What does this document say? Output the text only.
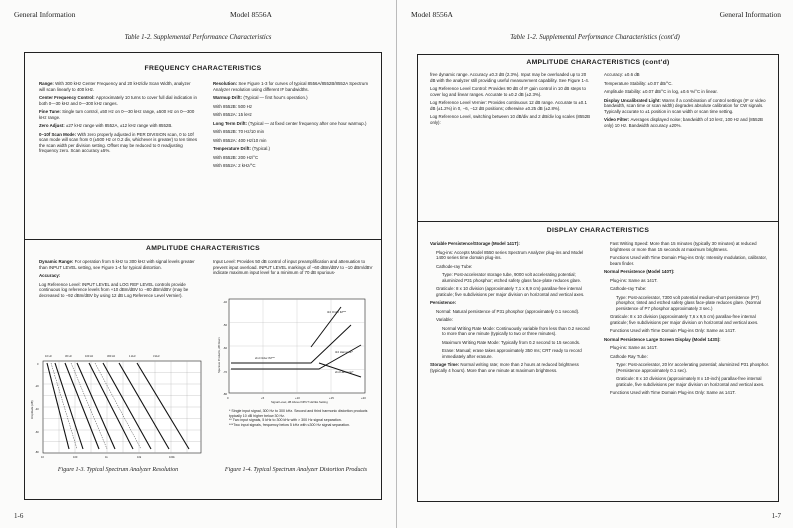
General Information	Model 8556A
Table 1-2. Supplemental Performance Characteristics
FREQUENCY CHARACTERISTICS
Range: With 300 kHz Center Frequency and 20 kHz/div Scan Width, analyzer will scan linearly to 400 kHz.
Center Frequency Control: Approximately 10 turns to cover full dial indication in both 0—30 kHz and 0—300 kHz ranges.
Fine Tune: Single turn control, ±50 Hz on 0—30 kHz range, ±500 Hz on 0—300 kHz range.
Zero Adjust: ±27 kHz range with 8552A, ±12 kHz range with 8552B.
0–10f Scan Mode: With zero properly adjusted in PER DIVISION scan, 0 to 10f scan mode will scan from 0 (±500 Hz or 0.2 div, whichever is greater) to ten times the scan width per division setting. Offset may be reduced to 0 readjusting frequency zero. Scan accuracy ±5%.
Resolution: See Figure 1-3 for curves of typical 8556A/8552B/8552A Spectrum Analyzer resolution using different IF bandwidths.
Warmup Drift: (Typical — first hour's operation.)
With 8552B: 500 Hz
With 8552A: 15 kHz
Long Term Drift: (Typical — at fixed center frequency after one hour warmup.)
With 8552B: 70 Hz/10 min
With 8552A: 400 Hz/10 min
Temperature Drift: (Typical.)
With 8552B: 200 Hz/°C
With 8552A: 2 kHz/°C
AMPLITUDE CHARACTERISTICS
Dynamic Range: For operation from 5 kHz to 300 kHz with signal levels greater than INPUT LEVEL setting, see Figure 1-4 for typical distortion.
Accuracy:
Log Reference Level: INPUT LEVEL and LOG REF LEVEL controls provide continuous log reference levels from +10 dBm/dBV to −80 dBm/dBV (may be decreased to −92 dBm/dBV by using 12 dB Log Reference Level Vernier).
Input Level: Provides 50 dB control of input preamplification and attenuation to prevent input overload. INPUT LEVEL markings of −60 dBm/dBV to −10 dBm/dBV indicate maximum input level for a minimum of 70 dB spurious-
10 Hz	30 Hz	100 Hz	300 Hz	1 kHz	3 kHz
10	100	1k	10k	100k
0
-20
-40
-60
-80
Amplitude (dB)
-40
-50
-60
-70
-80
0	+5	+10	+15	+20
3rd Order IM***
2nd Order IM***
3rd Harmonic*
2nd Harmonic*
Signal Level, dB Above INPUT LEVEL Setting
Spurious Products, dB Down
* Single input signal, 300 Hz to 300 kHz. Second and third harmonic distortion products typically 10 dB higher below 30 Hz.
** Two input signals, 5 kHz to 300 kHz with > 300 Hz signal separation.
***Two input signals, frequency below 5 kHz with ≤300 Hz signal separation.
Figure 1-3. Typical Spectrum Analyzer Resolution	Figure 1-4. Typical Spectrum Analyzer Distortion Products
1-6
Model 8556A	General Information
Table 1-2. Supplemental Performance Characteristics (cont'd)
AMPLITUDE CHARACTERISTICS (cont'd)
free dynamic range. Accuracy ±0.3 dB (2.3%). Input may be overloaded up to 20 dB with the analyzer still providing useful measurement capability. See Figure 1-4.
Log Reference Level Control: Provides 90 dB of IF gain control in 10 dB steps to cover log and linear ranges. Accurate to ±0.2 dB (±2.3%).
Log Reference Level Vernier: Provides continuous 12 dB range. Accurate to ±0.1 dB (±1.2%) in 0, −6, −12 dB positions; otherwise ±0.25 dB (±2.8%).
Log Reference Level, switching between 10 dB/div and 2 dB/div log scales (8552B only):
Accuracy: ±0.6 dB
Temperature Stability: ±0.07 dB/°C.
Amplitude Stability: ±0.07 dB/°C in log, ±0.6 %/°C in linear.
Display Uncalibrated Light: Warns if a combination of control settings (IF or video bandwidth, scan time or scan width) degrades absolute calibration for CW signals. Typically accurate to ±1 position in scan width or scan time setting.
Video Filter: Averages displayed noise; bandwidth of 10 kHz, 100 Hz and (8552B only) 10 Hz. Bandwidth accuracy ±20%.
DISPLAY CHARACTERISTICS
Variable Persistence/Storage (Model 141T):
Plug-ins: Accepts Model 8550 series Spectrum Analyzer plug-ins and Model 1400 series time domain plug-ins.
Cathode-ray Tube:
Type: Post-accelerator storage tube, 9000 volt accelerating potential; aluminized P31 phosphor; etched safety glass face-plate reduces glare.
Graticule: 8 x 10 division (approximately 7,1 x 8,9 cm) parallax-free internal graticule; five subdivisions per major division on horizontal and vertical axes.
Persistence:
Normal: Natural persistence of P31 phosphor (approximately 0.1 second).
Variable:
Normal Writing Rate Mode: Continuously variable from less than 0.2 second to more than one minute (typically to two or three minutes).
Maximum Writing Rate Mode: Typically from 0.2 second to 15 seconds.
Erase: Manual; erase takes approximately 350 ms; CRT ready to record immediately after erasure.
Storage Time: Normal writing rate; more than 2 hours at reduced brightness (typically 4 hours). More than one minute at maximum brightness.
Fast Writing Speed: More than 15 minutes (typically 30 minutes) at reduced brightness or more than 15 seconds at maximum brightness.
Functions Used with Time Domain Plug-ins Only: Intensity modulation, calibrator, beam finder.
Normal Persistence (Model 140T):
Plug-ins: Same as 141T.
Cathode-ray Tube:
Type: Post-accelerator, 7300 volt potential medium-short persistence (P7) phosphor, tinted and etched safety glass face-plate reduces glare. (Normal persistence of P7 phosphor approximately 3 sec.)
Graticule: 8 x 10 division (approximately 7,6 x 9,5 cm) parallax-free internal graticule; five subdivisions per major division on horizontal and vertical axes.
Functions Used with Time Domain Plug-ins Only: Same as 141T.
Normal Persistence Large Screen Display (Model 143S):
Plug-ins: Same as 141T.
Cathode Ray Tube:
Type: Post-accelerator, 20 kV accelerating potential; aluminized P31 phosphor. (Persistence approximately 0.1 sec).
Graticule: 8 x 10 divisions (approximately 8 x 10-inch) parallax-free internal graticule, five subdivisions per major division on horizontal and vertical axes.
Functions Used with Time Domain Plug-ins Only: Same as 141T.
1-7
